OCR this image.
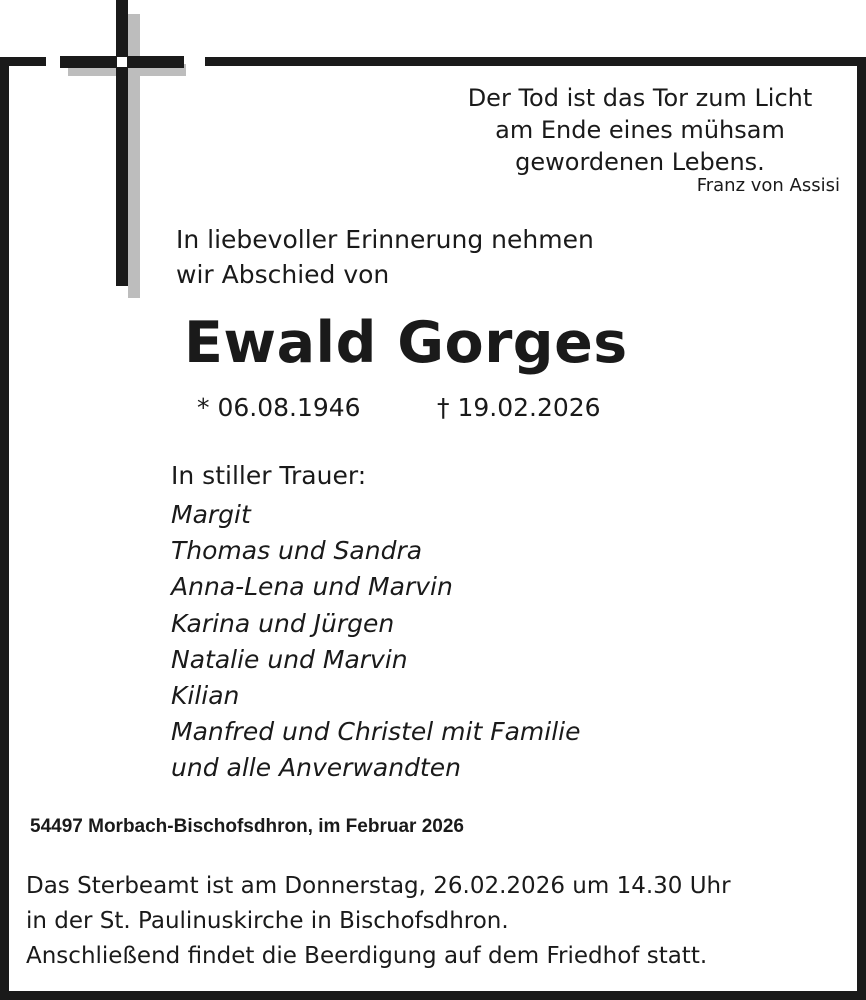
Der Tod ist das Tor zum Licht
am Ende eines mühsam
gewordenen Lebens.
Franz von Assisi
In liebevoller Erinnerung nehmen
wir Abschied von
Ewald Gorges
* 06.08.1946	† 19.02.2026
In stiller Trauer:
Margit
Thomas und Sandra
Anna-Lena und Marvin
Karina und Jürgen
Natalie und Marvin
Kilian
Manfred und Christel mit Familie
und alle Anverwandten
54497 Morbach-Bischofsdhron, im Februar 2026
Das Sterbeamt ist am Donnerstag, 26.02.2026 um 14.30 Uhr
in der St. Paulinuskirche in Bischofsdhron.
Anschließend findet die Beerdigung auf dem Friedhof statt.
